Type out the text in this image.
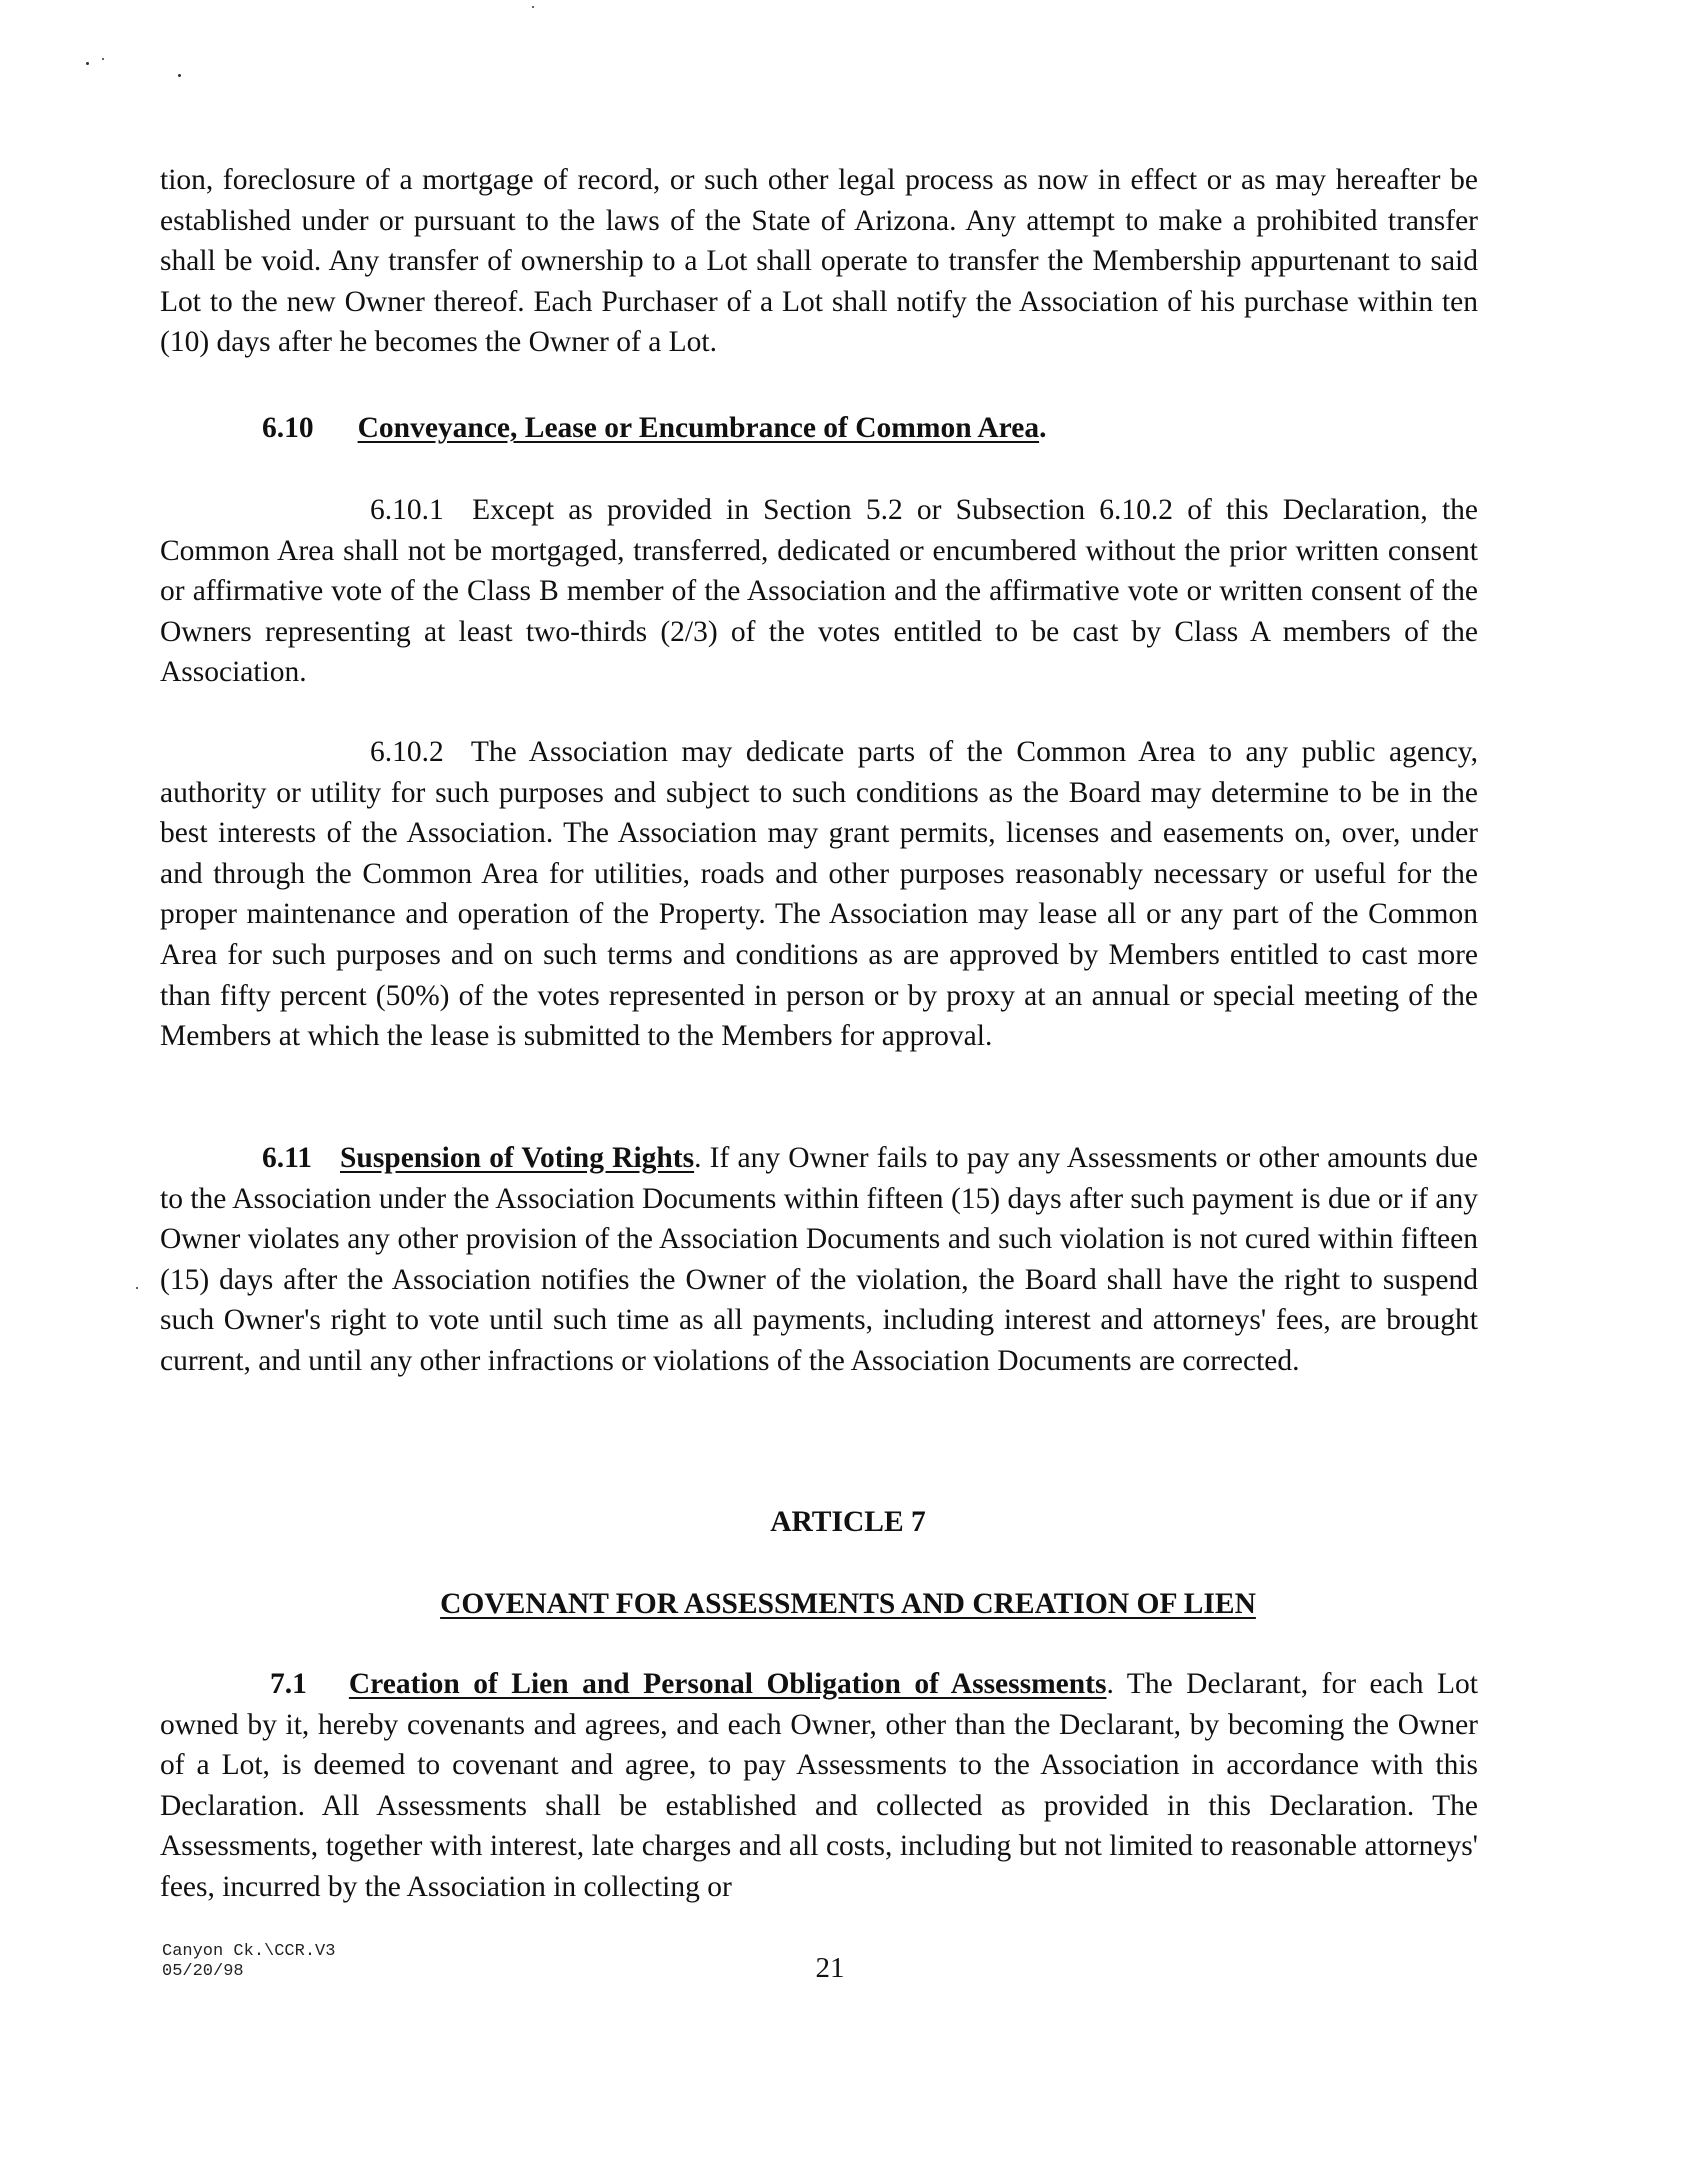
tion, foreclosure of a mortgage of record, or such other legal process as now in effect or as may hereafter be established under or pursuant to the laws of the State of Arizona. Any attempt to make a prohibited transfer shall be void. Any transfer of ownership to a Lot shall operate to transfer the Membership appurtenant to said Lot to the new Owner thereof. Each Purchaser of a Lot shall notify the Association of his purchase within ten (10) days after he becomes the Owner of a Lot.
6.10 Conveyance, Lease or Encumbrance of Common Area.
6.10.1 Except as provided in Section 5.2 or Subsection 6.10.2 of this Declaration, the Common Area shall not be mortgaged, transferred, dedicated or encumbered without the prior written consent or affirmative vote of the Class B member of the Association and the affirmative vote or written consent of the Owners representing at least two-thirds (2/3) of the votes entitled to be cast by Class A members of the Association.
6.10.2 The Association may dedicate parts of the Common Area to any public agency, authority or utility for such purposes and subject to such conditions as the Board may determine to be in the best interests of the Association. The Association may grant permits, licenses and easements on, over, under and through the Common Area for utilities, roads and other purposes reasonably necessary or useful for the proper maintenance and operation of the Property. The Association may lease all or any part of the Common Area for such purposes and on such terms and conditions as are approved by Members entitled to cast more than fifty percent (50%) of the votes represented in person or by proxy at an annual or special meeting of the Members at which the lease is submitted to the Members for approval.
6.11 Suspension of Voting Rights. If any Owner fails to pay any Assessments or other amounts due to the Association under the Association Documents within fifteen (15) days after such payment is due or if any Owner violates any other provision of the Association Documents and such violation is not cured within fifteen (15) days after the Association notifies the Owner of the violation, the Board shall have the right to suspend such Owner's right to vote until such time as all payments, including interest and attorneys' fees, are brought current, and until any other infractions or violations of the Association Documents are corrected.
ARTICLE 7
COVENANT FOR ASSESSMENTS AND CREATION OF LIEN
7.1 Creation of Lien and Personal Obligation of Assessments. The Declarant, for each Lot owned by it, hereby covenants and agrees, and each Owner, other than the Declarant, by becoming the Owner of a Lot, is deemed to covenant and agree, to pay Assessments to the Association in accordance with this Declaration. All Assessments shall be established and collected as provided in this Declaration. The Assessments, together with interest, late charges and all costs, including but not limited to reasonable attorneys' fees, incurred by the Association in collecting or
Canyon Ck.\CCR.V3
05/20/98	21
